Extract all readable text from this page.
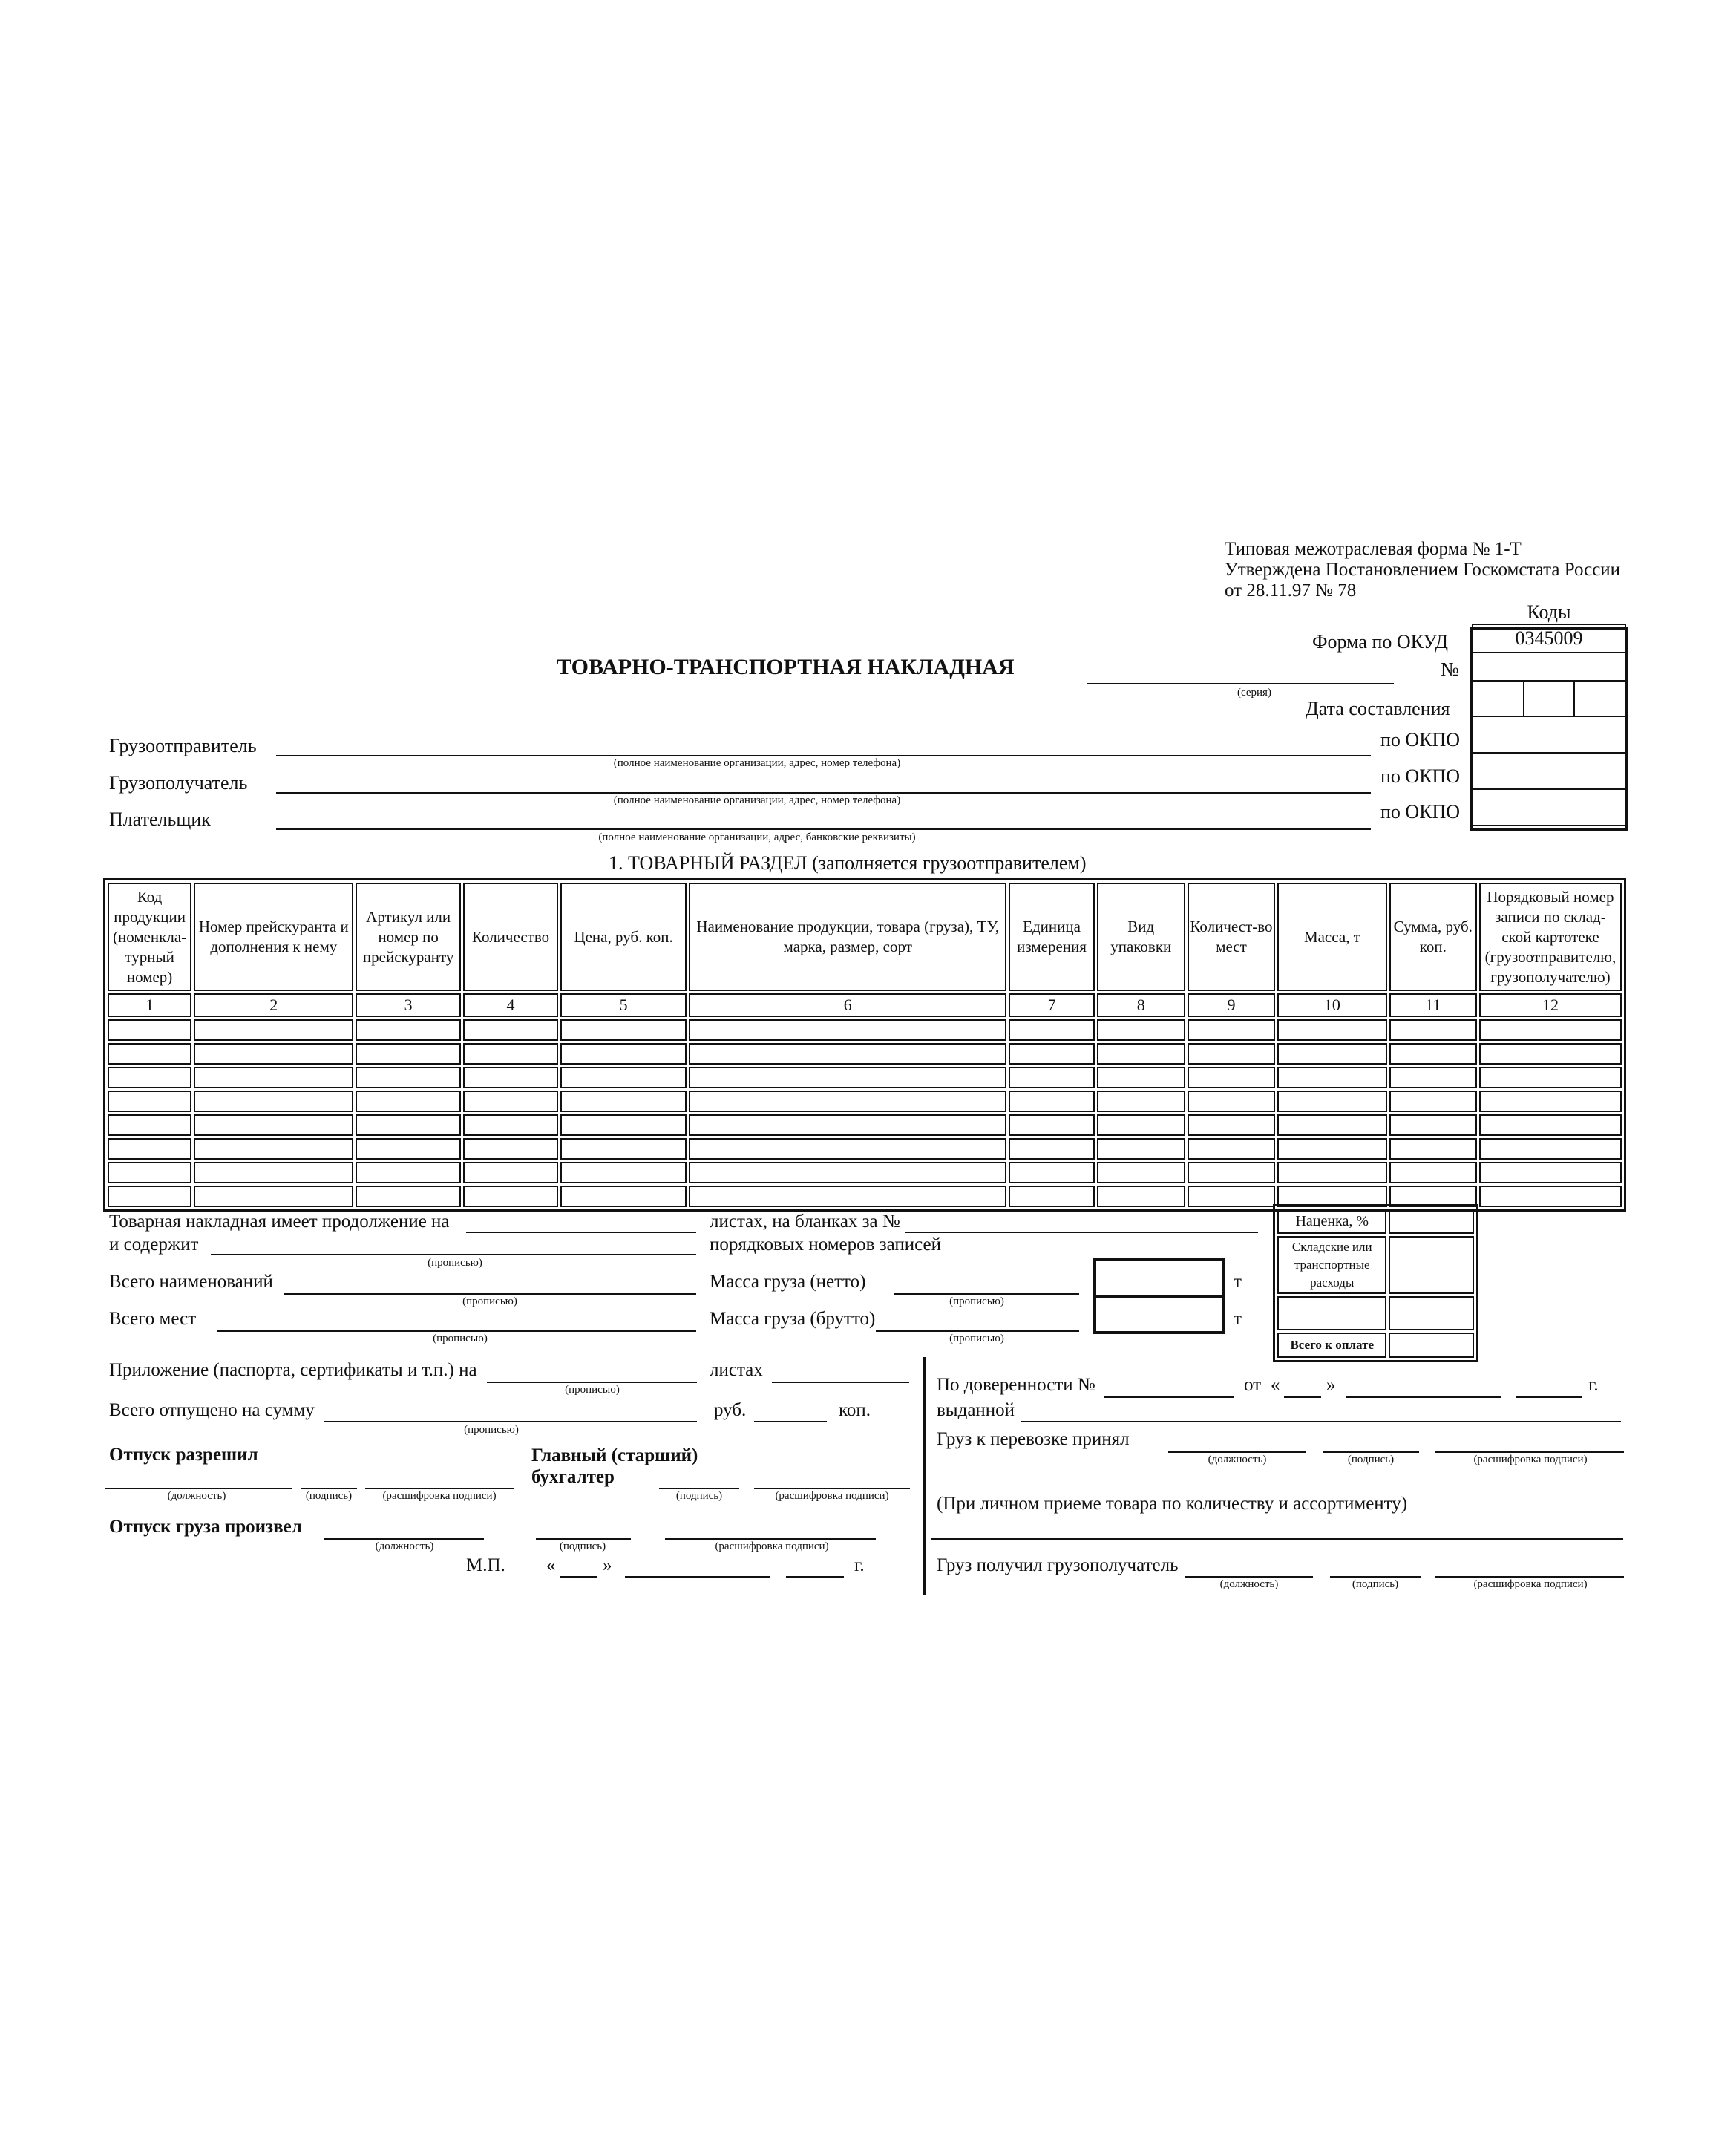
Типовая межотраслевая форма № 1-Т
Утверждена Постановлением Госкомстата России
от 28.11.97 № 78
Коды
0345009

Форма по ОКУД
№
Дата составления
по ОКПО
по ОКПО
по ОКПО
ТОВАРНО-ТРАНСПОРТНАЯ НАКЛАДНАЯ
(серия)
Грузоотправитель
(полное наименование организации, адрес, номер телефона)
Грузополучатель
(полное наименование организации, адрес, номер телефона)
Плательщик
(полное наименование организации, адрес, банковские реквизиты)
1. ТОВАРНЫЙ РАЗДЕЛ (заполняется грузоотправителем)
Код продукции (номенкла-турный номер)	Номер прейскуранта и дополнения к нему	Артикул или номер по прейскуранту	Количество	Цена, руб. коп.	Наименование продукции, товара (груза), ТУ, марка, размер, сорт	Единица измерения	Вид упаковки	Количест-во мест	Масса, т	Сумма, руб. коп.	Порядковый номер записи по склад-ской картотеке (грузоотправителю, грузополучателю)
1	2	3	4	5	6	7	8	9	10	11	12

Наценка, %	
Складские или транспортные расходы	

Всего к оплате	
Товарная накладная имеет продолжение на	листах, на бланках за №
и содержит
(прописью)
порядковых номеров записей
Всего наименований
(прописью)
Масса груза (нетто)
(прописью)
т
Всего мест
(прописью)
Масса груза (брутто)
(прописью)
т
Приложение (паспорта, сертификаты и т.п.) на
(прописью)
листах
Всего отпущено на сумму
(прописью)
руб.	коп.
Отпуск разрешил
(должность)	(подпись)	(расшифровка подписи)
Главный (старший) бухгалтер
(подпись)	(расшифровка подписи)
Отпуск груза произвел
(должность)	(подпись)	(расшифровка подписи)
М.П. «	»	г.
По доверенности №	от «	»	г.
выданной
Груз к перевозке принял
(должность)	(подпись)	(расшифровка подписи)
(При личном приеме товара по количеству и ассортименту)
Груз получил грузополучатель
(должность)	(подпись)	(расшифровка подписи)
